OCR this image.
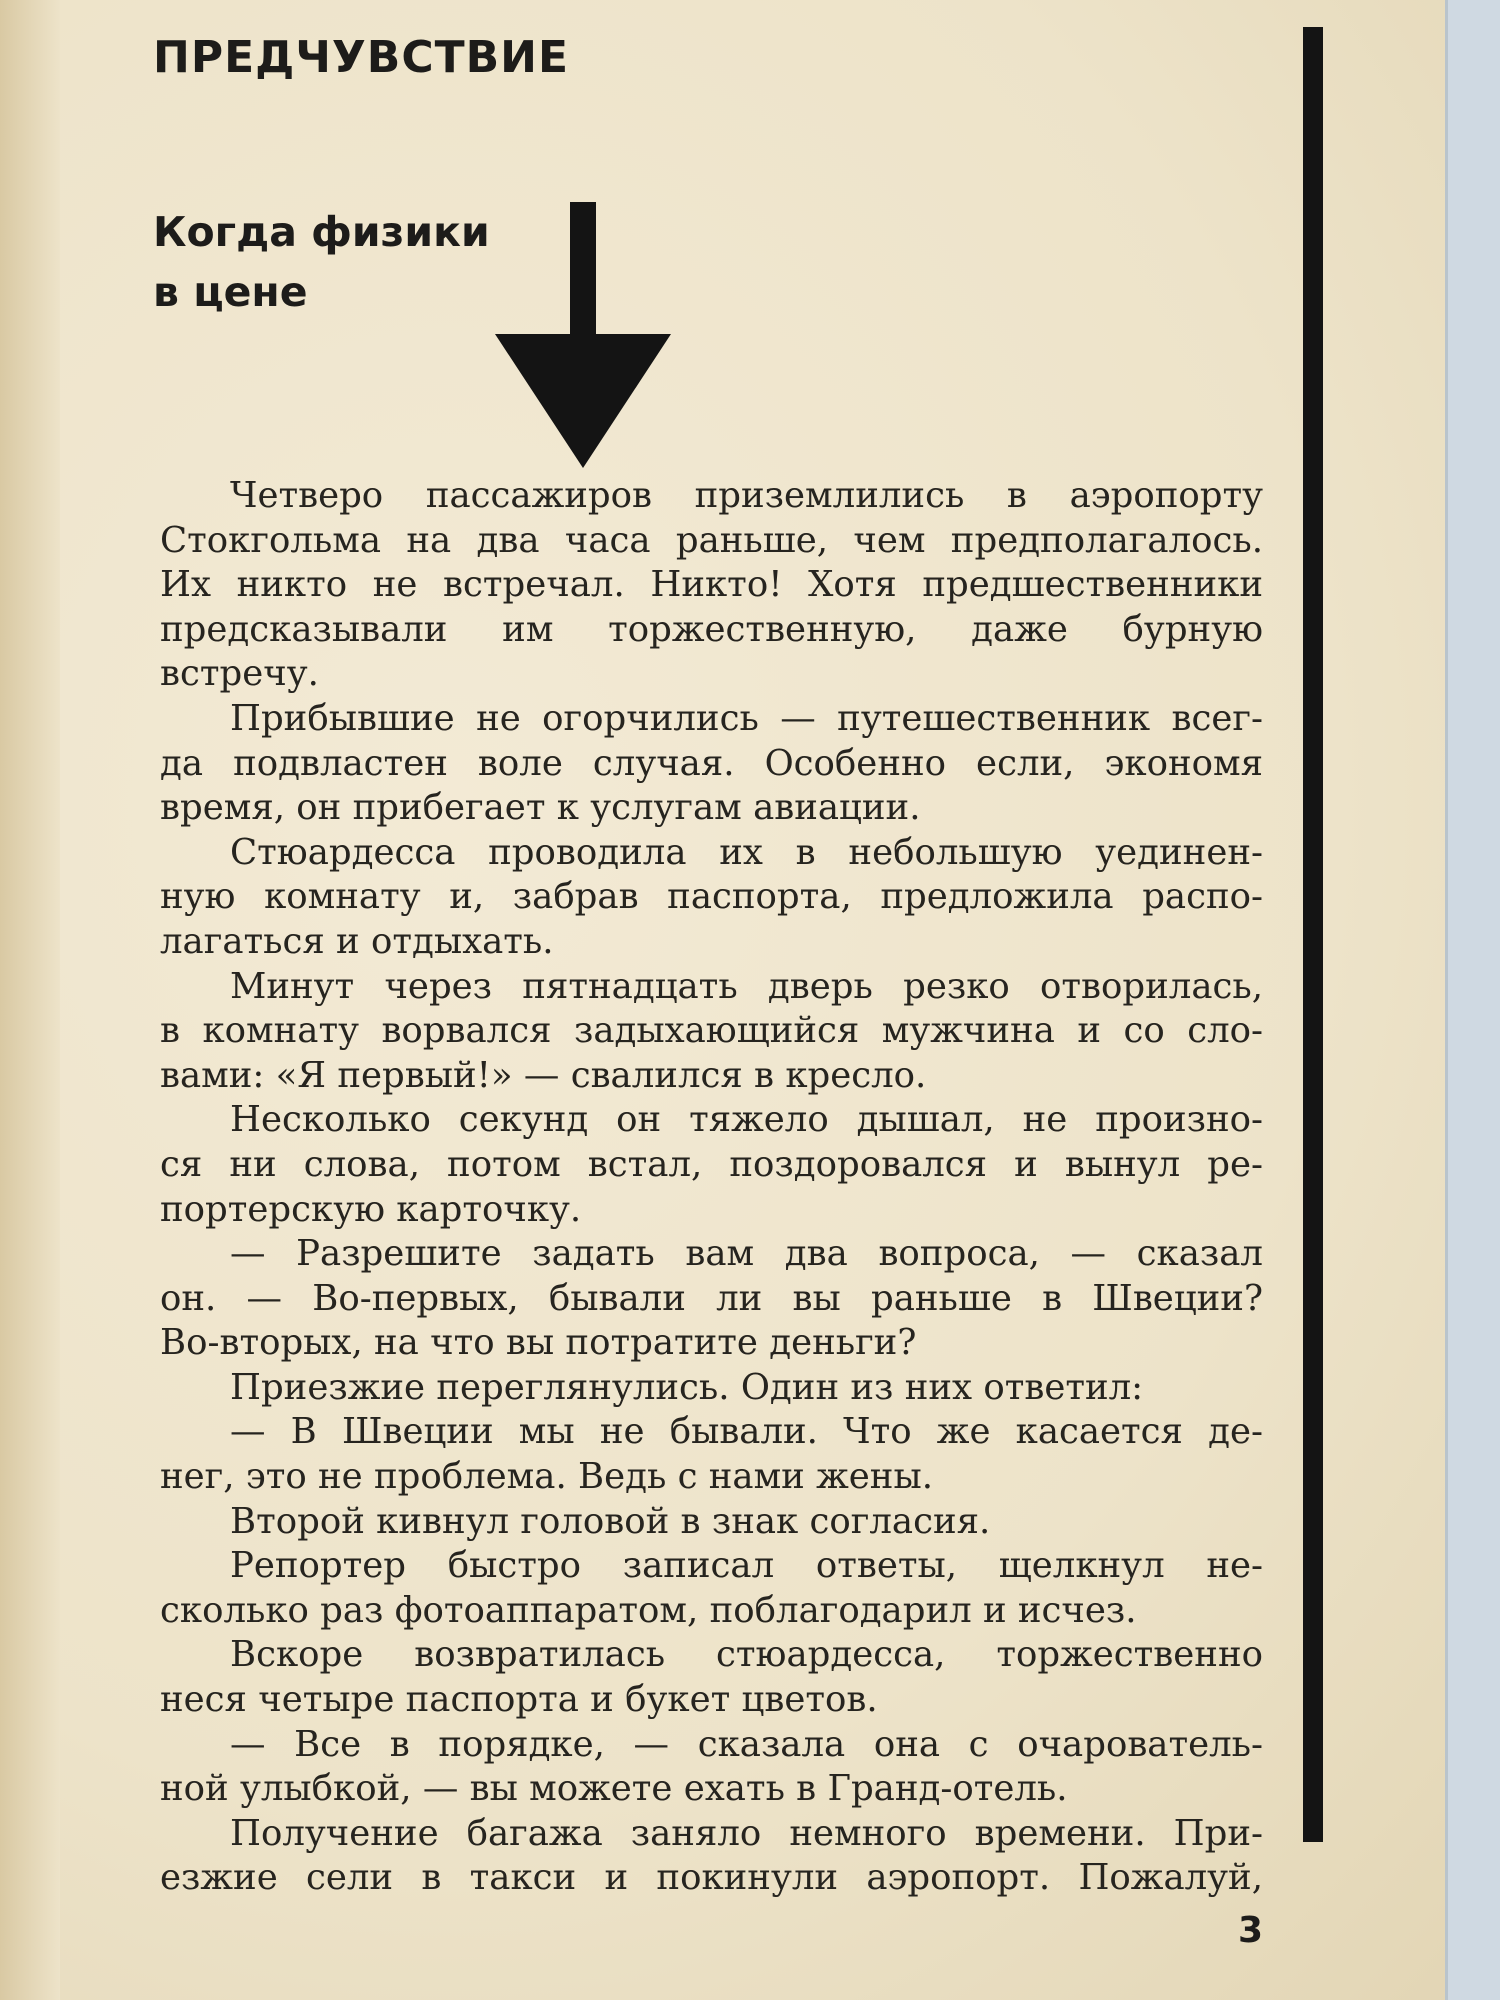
ПРЕДЧУВСТВИЕ
Когда физики
в цене
Четверо пассажиров приземлились в аэропорту
Стокгольма на два часа раньше, чем предполагалось.
Их никто не встречал. Никто! Хотя предшественники
предсказывали им торжественную, даже бурную
встречу.
Прибывшие не огорчились — путешественник всег-
да подвластен воле случая. Особенно если, экономя
время, он прибегает к услугам авиации.
Стюардесса проводила их в небольшую уединен-
ную комнату и, забрав паспорта, предложила распо-
лагаться и отдыхать.
Минут через пятнадцать дверь резко отворилась,
в комнату ворвался задыхающийся мужчина и со сло-
вами: «Я первый!» — свалился в кресло.
Несколько секунд он тяжело дышал, не произно-
ся ни слова, потом встал, поздоровался и вынул ре-
портерскую карточку.
— Разрешите задать вам два вопроса, — сказал
он. — Во-первых, бывали ли вы раньше в Швеции?
Во-вторых, на что вы потратите деньги?
Приезжие переглянулись. Один из них ответил:
— В Швеции мы не бывали. Что же касается де-
нег, это не проблема. Ведь с нами жены.
Второй кивнул головой в знак согласия.
Репортер быстро записал ответы, щелкнул не-
сколько раз фотоаппаратом, поблагодарил и исчез.
Вскоре возвратилась стюардесса, торжественно
неся четыре паспорта и букет цветов.
— Все в порядке, — сказала она с очарователь-
ной улыбкой, — вы можете ехать в Гранд-отель.
Получение багажа заняло немного времени. При-
езжие сели в такси и покинули аэропорт. Пожалуй,
3
